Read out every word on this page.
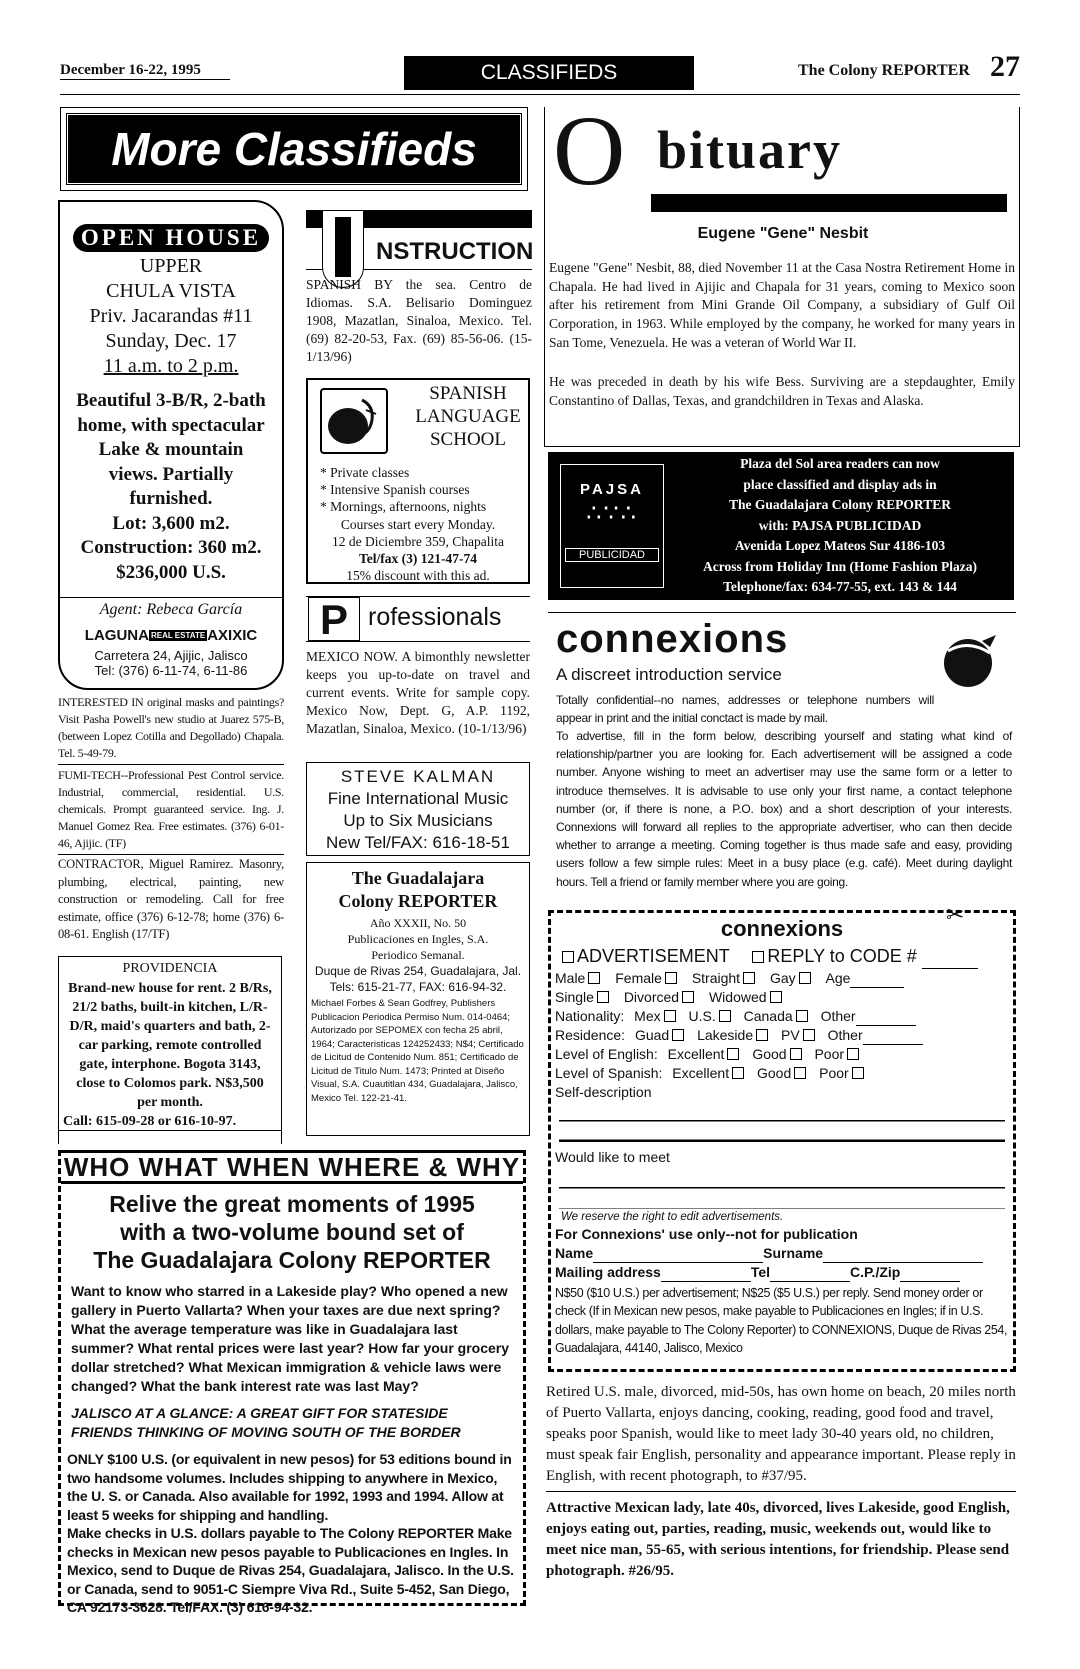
December 16-22, 1995	CLASSIFIEDS	The Colony REPORTER 27
More Classifieds
OPEN HOUSE
UPPER
CHULA VISTA
Priv. Jacarandas #11
Sunday, Dec. 17
11 a.m. to 2 p.m.
Beautiful 3-B/R, 2-bath
home, with spectacular
Lake & mountain
views. Partially
furnished.
Lot: 3,600 m2.
Construction: 360 m2.
$236,000 U.S.
Agent: Rebeca García
LAGUNA REAL ESTATE AXIXIC
Carretera 24, Ajijic, Jalisco
Tel: (376) 6-11-74, 6-11-86
INTERESTED IN original masks and paintings? Visit Pasha Powell's new studio at Juarez 575-B, (between Lopez Cotilla and Degollado) Chapala. Tel. 5-49-79.
FUMI-TECH--Professional Pest Control service. Industrial, commercial, residential. U.S. chemicals. Prompt guaranteed service. Ing. J. Manuel Gomez Rea. Free estimates. (376) 6-01-46, Ajijic. (TF)
CONTRACTOR, Miguel Ramirez. Masonry, plumbing, electrical, painting, new construction or remodeling. Call for free estimate, office (376) 6-12-78; home (376) 6-08-61. English (17/TF)
PROVIDENCIA
Brand-new house for rent. 2 B/Rs, 21/2 baths, built-in kitchen, L/R-D/R, maid's quarters and bath, 2-car parking, remote controlled gate, interphone. Bogota 3143, close to Colomos park. N$3,500 per month.
Call: 615-09-28 or 616-10-97.
NSTRUCTION
SPANISH BY the sea. Centro de Idiomas. S.A. Belisario Dominguez 1908, Mazatlan, Sinaloa, Mexico. Tel. (69) 82-20-53, Fax. (69) 85-56-06. (15-1/13/96)
SPANISH
LANGUAGE
SCHOOL
* Private classes
* Intensive Spanish courses
* Mornings, afternoons, nights
Courses start every Monday.
12 de Diciembre 359, Chapalita
Tel/fax (3) 121-47-74
15% discount with this ad.
P rofessionals
MEXICO NOW. A bimonthly newsletter keeps you up-to-date on travel and current events. Write for sample copy. Mexico Now, Dept. G, A.P. 1192, Mazatlan, Sinaloa, Mexico. (10-1/13/96)
STEVE KALMAN
Fine International Music
Up to Six Musicians
New Tel/FAX: 616-18-51
The Guadalajara
Colony REPORTER
Año XXXII, No. 50
Publicaciones en Ingles, S.A.
Periodico Semanal.
Duque de Rivas 254, Guadalajara, Jal.
Tels: 615-21-77, FAX: 616-94-32.
Michael Forbes & Sean Godfrey, Publishers Publicacion Periodica Permiso Num. 014-0464; Autorizado por SEPOMEX con fecha 25 abril, 1964; Caracteristicas 124252433; N$4; Certificado de Licitud de Contenido Num. 851; Certificado de Licitud de Titulo Num. 1473; Printed at Diseño Visual, S.A. Cuautitlan 434, Guadalajara, Jalisco, Mexico Tel. 122-21-41.
WHO WHAT WHEN WHERE & WHY
Relive the great moments of 1995
with a two-volume bound set of
The Guadalajara Colony REPORTER
Want to know who starred in a Lakeside play? Who opened a new gallery in Puerto Vallarta? When your taxes are due next spring? What the average temperature was like in Guadalajara last summer? What rental prices were last year? How far your grocery dollar stretched? What Mexican immigration & vehicle laws were changed? What the bank interest rate was last May?
JALISCO AT A GLANCE: A GREAT GIFT FOR STATESIDE FRIENDS THINKING OF MOVING SOUTH OF THE BORDER
ONLY $100 U.S. (or equivalent in new pesos) for 53 editions bound in two handsome volumes. Includes shipping to anywhere in Mexico, the U. S. or Canada. Also available for 1992, 1993 and 1994. Allow at least 5 weeks for shipping and handling.
Make checks in U.S. dollars payable to The Colony REPORTER Make checks in Mexican new pesos payable to Publicaciones en Ingles. In Mexico, send to Duque de Rivas 254, Guadalajara, Jalisco. In the U.S. or Canada, send to 9051-C Siempre Viva Rd., Suite 5-452, San Diego, CA 92173-3628. Tel/FAX. (3) 616-94-32.
O bituary
Eugene "Gene" Nesbit
Eugene "Gene" Nesbit, 88, died November 11 at the Casa Nostra Retirement Home in Chapala. He had lived in Ajijic and Chapala for 31 years, coming to Mexico soon after his retirement from Mini Grande Oil Company, a subsidiary of Gulf Oil Corporation, in 1963. While employed by the company, he worked for many years in San Tome, Venezuela. He was a veteran of World War II.
He was preceded in death by his wife Bess. Surviving are a stepdaughter, Emily Constantino of Dallas, Texas, and grandchildren in Texas and Alaska.
PAJSA
∴∵∴
PUBLICIDAD
Plaza del Sol area readers can now
place classified and display ads in
The Guadalajara Colony REPORTER
with: PAJSA PUBLICIDAD
Avenida Lopez Mateos Sur 4186-103
Across from Holiday Inn (Home Fashion Plaza)
Telephone/fax: 634-77-55, ext. 143 & 144
connexions
A discreet introduction service
Totally confidential--no names, addresses or telephone numbers will appear in print and the initial conctact is made by mail.
To advertise, fill in the form below, describing yourself and stating what kind of relationship/partner you are looking for. Each advertisement will be assigned a code number. Anyone wishing to meet an advertiser may use the same form or a letter to introduce themselves. It is advisable to use only your first name, a contact telephone number (or, if there is none, a P.O. box) and a short description of your interests. Connexions will forward all replies to the appropriate advertiser, who can then decide whether to arrange a meeting. Coming together is thus made safe and easy, providing users follow a few simple rules: Meet in a busy place (e.g. café). Meet during daylight hours. Tell a friend or family member where you are going.
✂
connexions
ADVERTISEMENT REPLY to CODE #
Male Female Straight Gay Age
Single Divorced Widowed
Nationality: Mex U.S. Canada Other
Residence: Guad Lakeside PV Other
Level of English: Excellent Good Poor
Level of Spanish: Excellent Good Poor
Self-description
Would like to meet
We reserve the right to edit advertisements.
For Connexions' use only--not for publication
Name	Surname
Mailing address	Tel	C.P./Zip
N$50 ($10 U.S.) per advertisement; N$25 ($5 U.S.) per reply. Send money order or check (If in Mexican new pesos, make payable to Publicaciones en Ingles; if in U.S. dollars, make payable to The Colony Reporter) to CONNEXIONS, Duque de Rivas 254, Guadalajara, 44140, Jalisco, Mexico
Retired U.S. male, divorced, mid-50s, has own home on beach, 20 miles north of Puerto Vallarta, enjoys dancing, cooking, reading, good food and travel, speaks poor Spanish, would like to meet lady 30-40 years old, no children, must speak fair English, personality and appearance important. Please reply in English, with recent photograph, to #37/95.
Attractive Mexican lady, late 40s, divorced, lives Lakeside, good English, enjoys eating out, parties, reading, music, weekends out, would like to meet nice man, 55-65, with serious intentions, for friendship. Please send photograph. #26/95.
